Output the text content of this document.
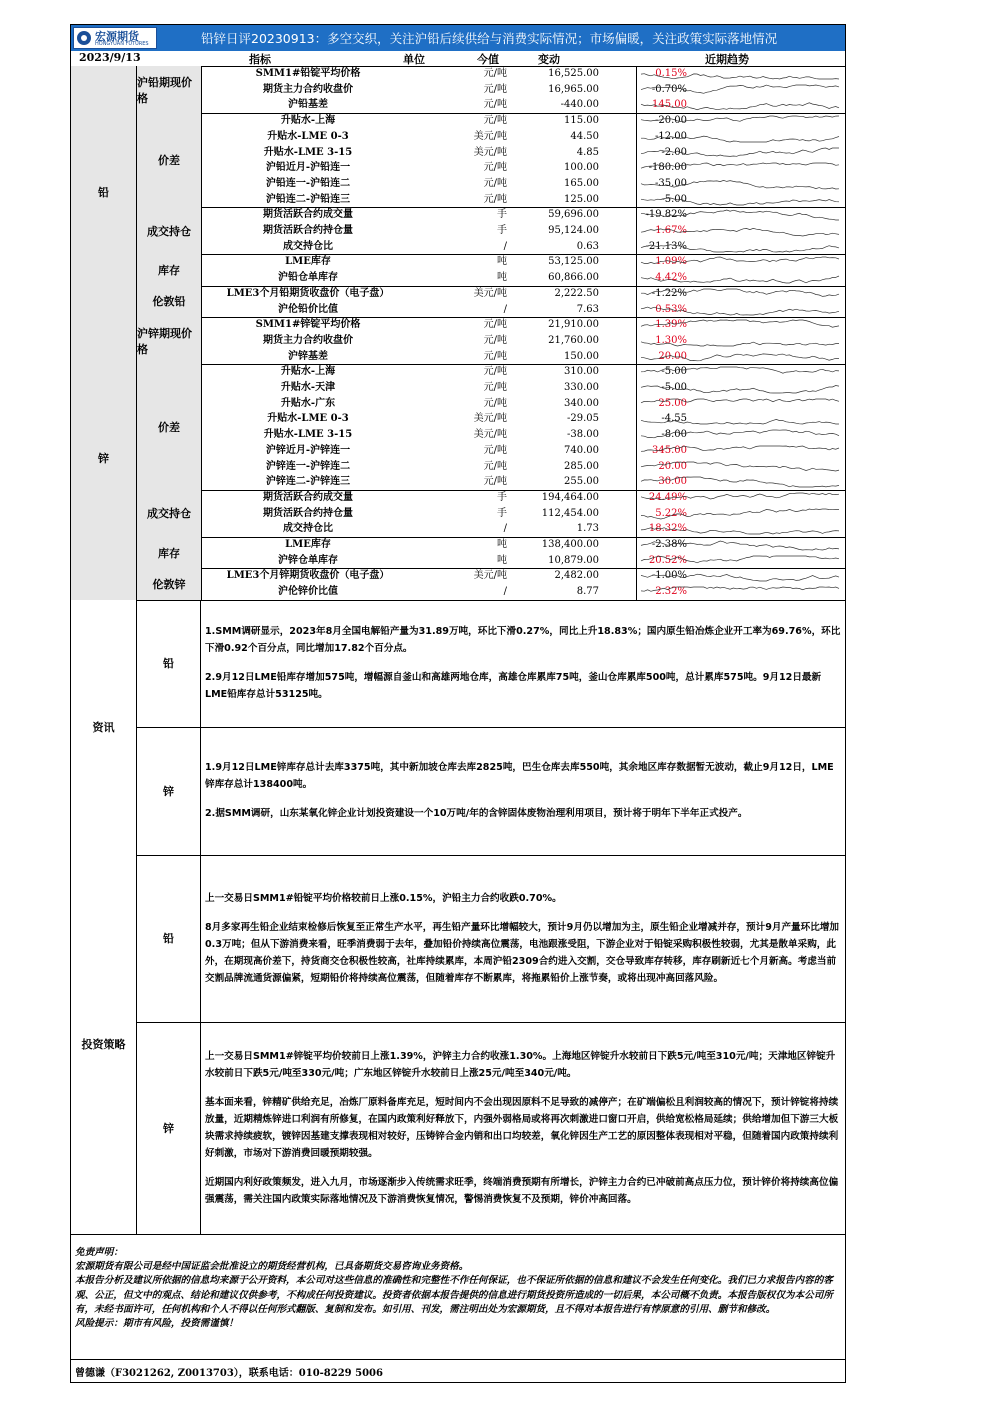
宏源期货
HONGYUAN FUTURES	铅锌日评20230913：多空交织，关注沪铅后续供给与消费实际情况；市场偏暖，关注政策实际落地情况
2023/9/13	指标	单位	今值	变动	近期趋势
铅
沪铅期现价格
SMM1#铅锭平均价格	元/吨	16,525.00	0.15%
期货主力合约收盘价	元/吨	16,965.00	-0.70%
沪铅基差	元/吨	-440.00	145.00
价差
升贴水-上海	元/吨	115.00	-20.00
升贴水-LME 0-3	美元/吨	44.50	-12.00
升贴水-LME 3-15	美元/吨	4.85	-2.00
沪铅近月-沪铅连一	元/吨	100.00	-180.00
沪铅连一-沪铅连二	元/吨	165.00	-35.00
沪铅连二-沪铅连三	元/吨	125.00	-5.00
成交持仓
期货活跃合约成交量	手	59,696.00	-19.82%
期货活跃合约持仓量	手	95,124.00	1.67%
成交持仓比	/	0.63	-21.13%
库存
LME库存	吨	53,125.00	1.09%
沪铅仓单库存	吨	60,866.00	4.42%
伦敦铅
LME3个月铅期货收盘价（电子盘）	美元/吨	2,222.50	-1.22%
沪伦铅价比值	/	7.63	0.53%
锌
沪锌期现价格
SMM1#锌锭平均价格	元/吨	21,910.00	1.39%
期货主力合约收盘价	元/吨	21,760.00	1.30%
沪锌基差	元/吨	150.00	20.00
价差
升贴水-上海	元/吨	310.00	-5.00
升贴水-天津	元/吨	330.00	-5.00
升贴水-广东	元/吨	340.00	25.00
升贴水-LME 0-3	美元/吨	-29.05	-4.55
升贴水-LME 3-15	美元/吨	-38.00	-8.00
沪锌近月-沪锌连一	元/吨	740.00	345.00
沪锌连一-沪锌连二	元/吨	285.00	20.00
沪锌连二-沪锌连三	元/吨	255.00	30.00
成交持仓
期货活跃合约成交量	手	194,464.00	24.49%
期货活跃合约持仓量	手	112,454.00	5.22%
成交持仓比	/	1.73	18.32%
库存
LME库存	吨	138,400.00	-2.38%
沪锌仓单库存	吨	10,879.00	20.52%
伦敦锌
LME3个月锌期货收盘价（电子盘）	美元/吨	2,482.00	-1.00%
沪伦锌价比值	/	8.77	2.32%
资讯
铅

1.SMM调研显示，2023年8月全国电解铅产量为31.89万吨，环比下滑0.27%，同比上升18.83%；国内原生铅冶炼企业开工率为69.76%，环比下滑0.92个百分点，同比增加17.82个百分点。

2.9月12日LME铅库存增加575吨，增幅源自釜山和高雄两地仓库，高雄仓库累库75吨，釜山仓库累库500吨，总计累库575吨。9月12日最新LME铅库存总计53125吨。

锌

1.9月12日LME锌库存总计去库3375吨，其中新加坡仓库去库2825吨，巴生仓库去库550吨，其余地区库存数据暂无波动，截止9月12日，LME锌库存总计138400吨。

2.据SMM调研，山东某氧化锌企业计划投资建设一个10万吨/年的含锌固体废物治理利用项目，预计将于明年下半年正式投产。

投资策略
铅

上一交易日SMM1#铅锭平均价格较前日上涨0.15%，沪铅主力合约收跌0.70%。

8月多家再生铅企业结束检修后恢复至正常生产水平，再生铅产量环比增幅较大，预计9月仍以增加为主，原生铅企业增减并存，预计9月产量环比增加0.3万吨；但从下游消费来看，旺季消费弱于去年，叠加铅价持续高位震荡，电池跟涨受阻，下游企业对于铅锭采购积极性较弱，尤其是散单采购，此外，在期现高价差下，持货商交仓积极性较高，社库持续累库，本周沪铅2309合约进入交割，交仓导致库存转移，库存刷新近七个月新高。考虑当前交割品牌流通货源偏紧，短期铅价将持续高位震荡，但随着库存不断累库，将拖累铅价上涨节奏，或将出现冲高回落风险。

锌

上一交易日SMM1#锌锭平均价较前日上涨1.39%，沪锌主力合约收涨1.30%。上海地区锌锭升水较前日下跌5元/吨至310元/吨；天津地区锌锭升水较前日下跌5元/吨至330元/吨；广东地区锌锭升水较前日上涨25元/吨至340元/吨。

基本面来看，锌精矿供给充足，冶炼厂原料备库充足，短时间内不会出现因原料不足导致的减停产；在矿端偏松且利润较高的情况下，预计锌锭将持续放量，近期精炼锌进口利润有所修复，在国内政策利好释放下，内强外弱格局或将再次刺激进口窗口开启，供给宽松格局延续；供给增加但下游三大板块需求持续疲软，镀锌因基建支撑表现相对较好，压铸锌合金内销和出口均较差，氧化锌因生产工艺的原因整体表现相对平稳，但随着国内政策持续利好刺激，市场对下游消费回暖预期较强。

近期国内利好政策频发，进入九月，市场逐渐步入传统需求旺季，终端消费预期有所增长，沪锌主力合约已冲破前高点压力位，预计锌价将持续高位偏强震荡，需关注国内政策实际落地情况及下游消费恢复情况，警惕消费恢复不及预期，锌价冲高回落。

免责声明：

宏源期货有限公司是经中国证监会批准设立的期货经营机构，已具备期货交易咨询业务资格。

本报告分析及建议所依据的信息均来源于公开资料，本公司对这些信息的准确性和完整性不作任何保证，也不保证所依据的信息和建议不会发生任何变化。我们已力求报告内容的客观、公正，但文中的观点、结论和建议仅供参考，不构成任何投资建议。投资者依据本报告提供的信息进行期货投资所造成的一切后果，本公司概不负责。本报告版权仅为本公司所有，未经书面许可，任何机构和个人不得以任何形式翻版、复制和发布。如引用、刊发，需注明出处为宏源期货，且不得对本报告进行有悖原意的引用、删节和修改。

风险提示：期市有风险，投资需谨慎！

曾德谦（F3021262, Z0013703），联系电话：010-8229 5006
